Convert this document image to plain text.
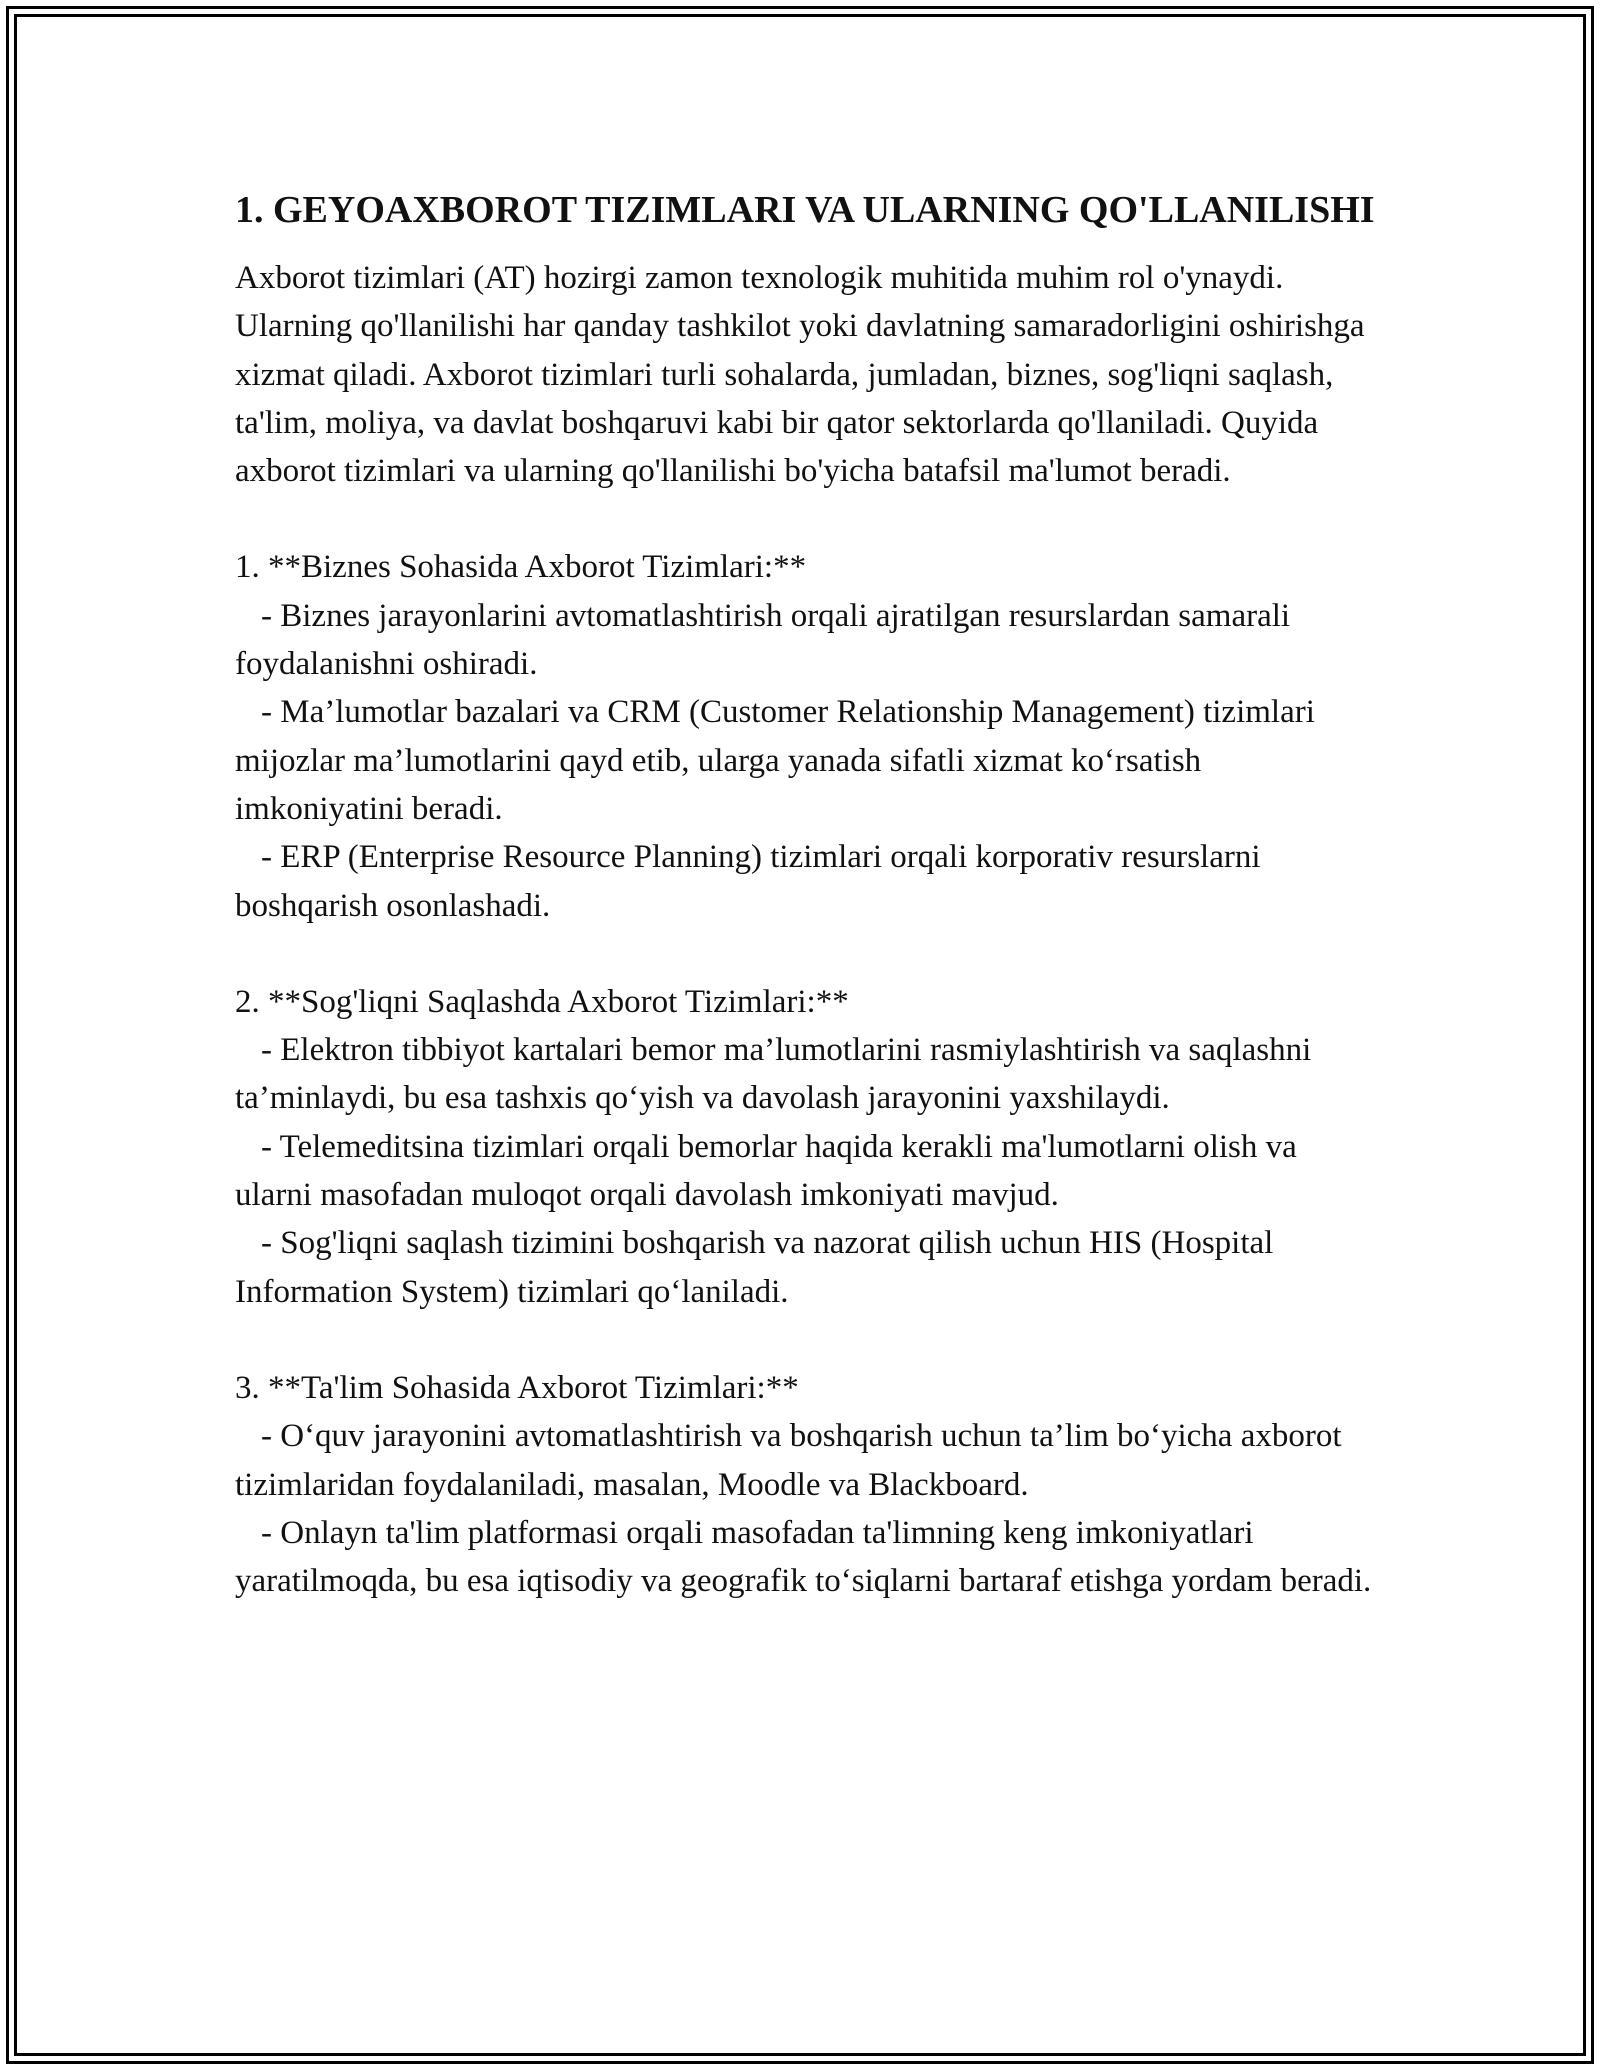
1. GEYOAXBOROT TIZIMLARI VA ULARNING QO'LLANILISHI

Axborot tizimlari (AT) hozirgi zamon texnologik muhitida muhim rol o'ynaydi. Ularning qo'llanilishi har qanday tashkilot yoki davlatning samaradorligini oshirishga xizmat qiladi. Axborot tizimlari turli sohalarda, jumladan, biznes, sog'liqni saqlash, ta'lim, moliya, va davlat boshqaruvi kabi bir qator sektorlarda qo'llaniladi. Quyida axborot tizimlari va ularning qo'llanilishi bo'yicha batafsil ma'lumot beradi.

1. **Biznes Sohasida Axborot Tizimlari:**

- Biznes jarayonlarini avtomatlashtirish orqali ajratilgan resurslardan samarali foydalanishni oshiradi.

- Ma’lumotlar bazalari va CRM (Customer Relationship Management) tizimlari mijozlar ma’lumotlarini qayd etib, ularga yanada sifatli xizmat ko‘rsatish imkoniyatini beradi.

- ERP (Enterprise Resource Planning) tizimlari orqali korporativ resurslarni boshqarish osonlashadi.

2. **Sog'liqni Saqlashda Axborot Tizimlari:**

- Elektron tibbiyot kartalari bemor ma’lumotlarini rasmiylashtirish va saqlashni ta’minlaydi, bu esa tashxis qo‘yish va davolash jarayonini yaxshilaydi.

- Telemeditsina tizimlari orqali bemorlar haqida kerakli ma'lumotlarni olish va ularni masofadan muloqot orqali davolash imkoniyati mavjud.

- Sog'liqni saqlash tizimini boshqarish va nazorat qilish uchun HIS (Hospital Information System) tizimlari qo‘laniladi.

3. **Ta'lim Sohasida Axborot Tizimlari:**

- O‘quv jarayonini avtomatlashtirish va boshqarish uchun ta’lim bo‘yicha axborot tizimlaridan foydalaniladi, masalan, Moodle va Blackboard.

- Onlayn ta'lim platformasi orqali masofadan ta'limning keng imkoniyatlari yaratilmoqda, bu esa iqtisodiy va geografik to‘siqlarni bartaraf etishga yordam beradi.
